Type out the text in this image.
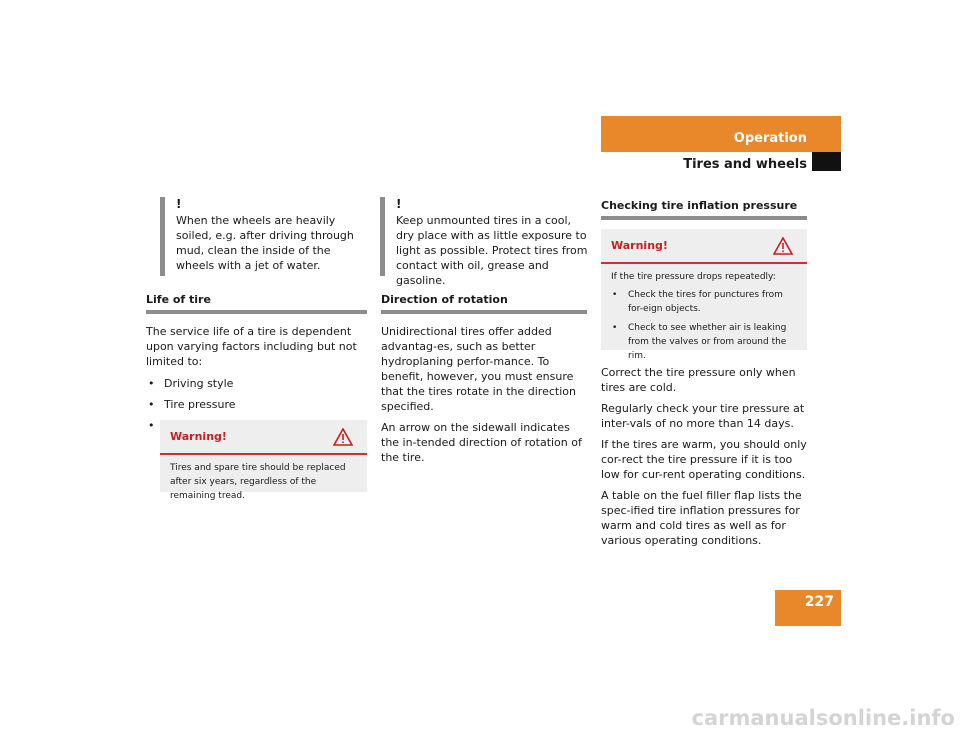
Operation
Tires and wheels
!
When the wheels are heavily soiled, e.g. after driving through mud, clean the inside of the wheels with a jet of water.
Life of tire

The service life of a tire is dependent upon varying factors including but not limited to:

• Driving style
• Tire pressure
•
Warning!
Tires and spare tire should be replaced after six years, regardless of the remaining tread.
!
Keep unmounted tires in a cool, dry place with as little exposure to light as possible. Protect tires from contact with oil, grease and gasoline.
Direction of rotation

Unidirectional tires offer added advantag-es, such as better hydroplaning perfor-mance. To benefit, however, you must ensure that the tires rotate in the direction specified.

An arrow on the sidewall indicates the in-tended direction of rotation of the tire.

Checking tire inflation pressure
Warning!
If the tire pressure drops repeatedly:
• Check the tires for punctures from for-eign objects.
• Check to see whether air is leaking from the valves or from around the rim.

Correct the tire pressure only when tires are cold.

Regularly check your tire pressure at inter-vals of no more than 14 days.

If the tires are warm, you should only cor-rect the tire pressure if it is too low for cur-rent operating conditions.

A table on the fuel filler flap lists the spec-ified tire inflation pressures for warm and cold tires as well as for various operating conditions.

227
carmanualsonline.info
